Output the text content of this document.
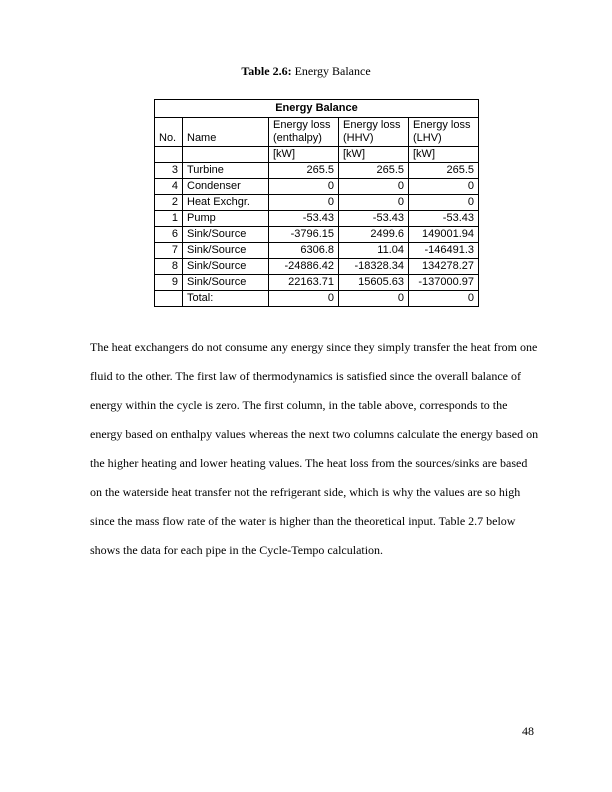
Table 2.6: Energy Balance
Energy Balance				
No.	Name	Energy loss (enthalpy)	Energy loss (HHV)	Energy loss (LHV)
		[kW]	[kW]	[kW]
3	Turbine	265.5	265.5	265.5
4	Condenser	0	0	0
2	Heat Exchgr.	0	0	0
1	Pump	-53.43	-53.43	-53.43
6	Sink/Source	-3796.15	2499.6	149001.94
7	Sink/Source	6306.8	11.04	-146491.3
8	Sink/Source	-24886.42	-18328.34	134278.27
9	Sink/Source	22163.71	15605.63	-137000.97
	Total:	0	0	0
The heat exchangers do not consume any energy since they simply transfer the heat from one
fluid to the other. The first law of thermodynamics is satisfied since the overall balance of
energy within the cycle is zero. The first column, in the table above, corresponds to the
energy based on enthalpy values whereas the next two columns calculate the energy based on
the higher heating and lower heating values. The heat loss from the sources/sinks are based
on the waterside heat transfer not the refrigerant side, which is why the values are so high
since the mass flow rate of the water is higher than the theoretical input. Table 2.7 below
shows the data for each pipe in the Cycle-Tempo calculation.
48
